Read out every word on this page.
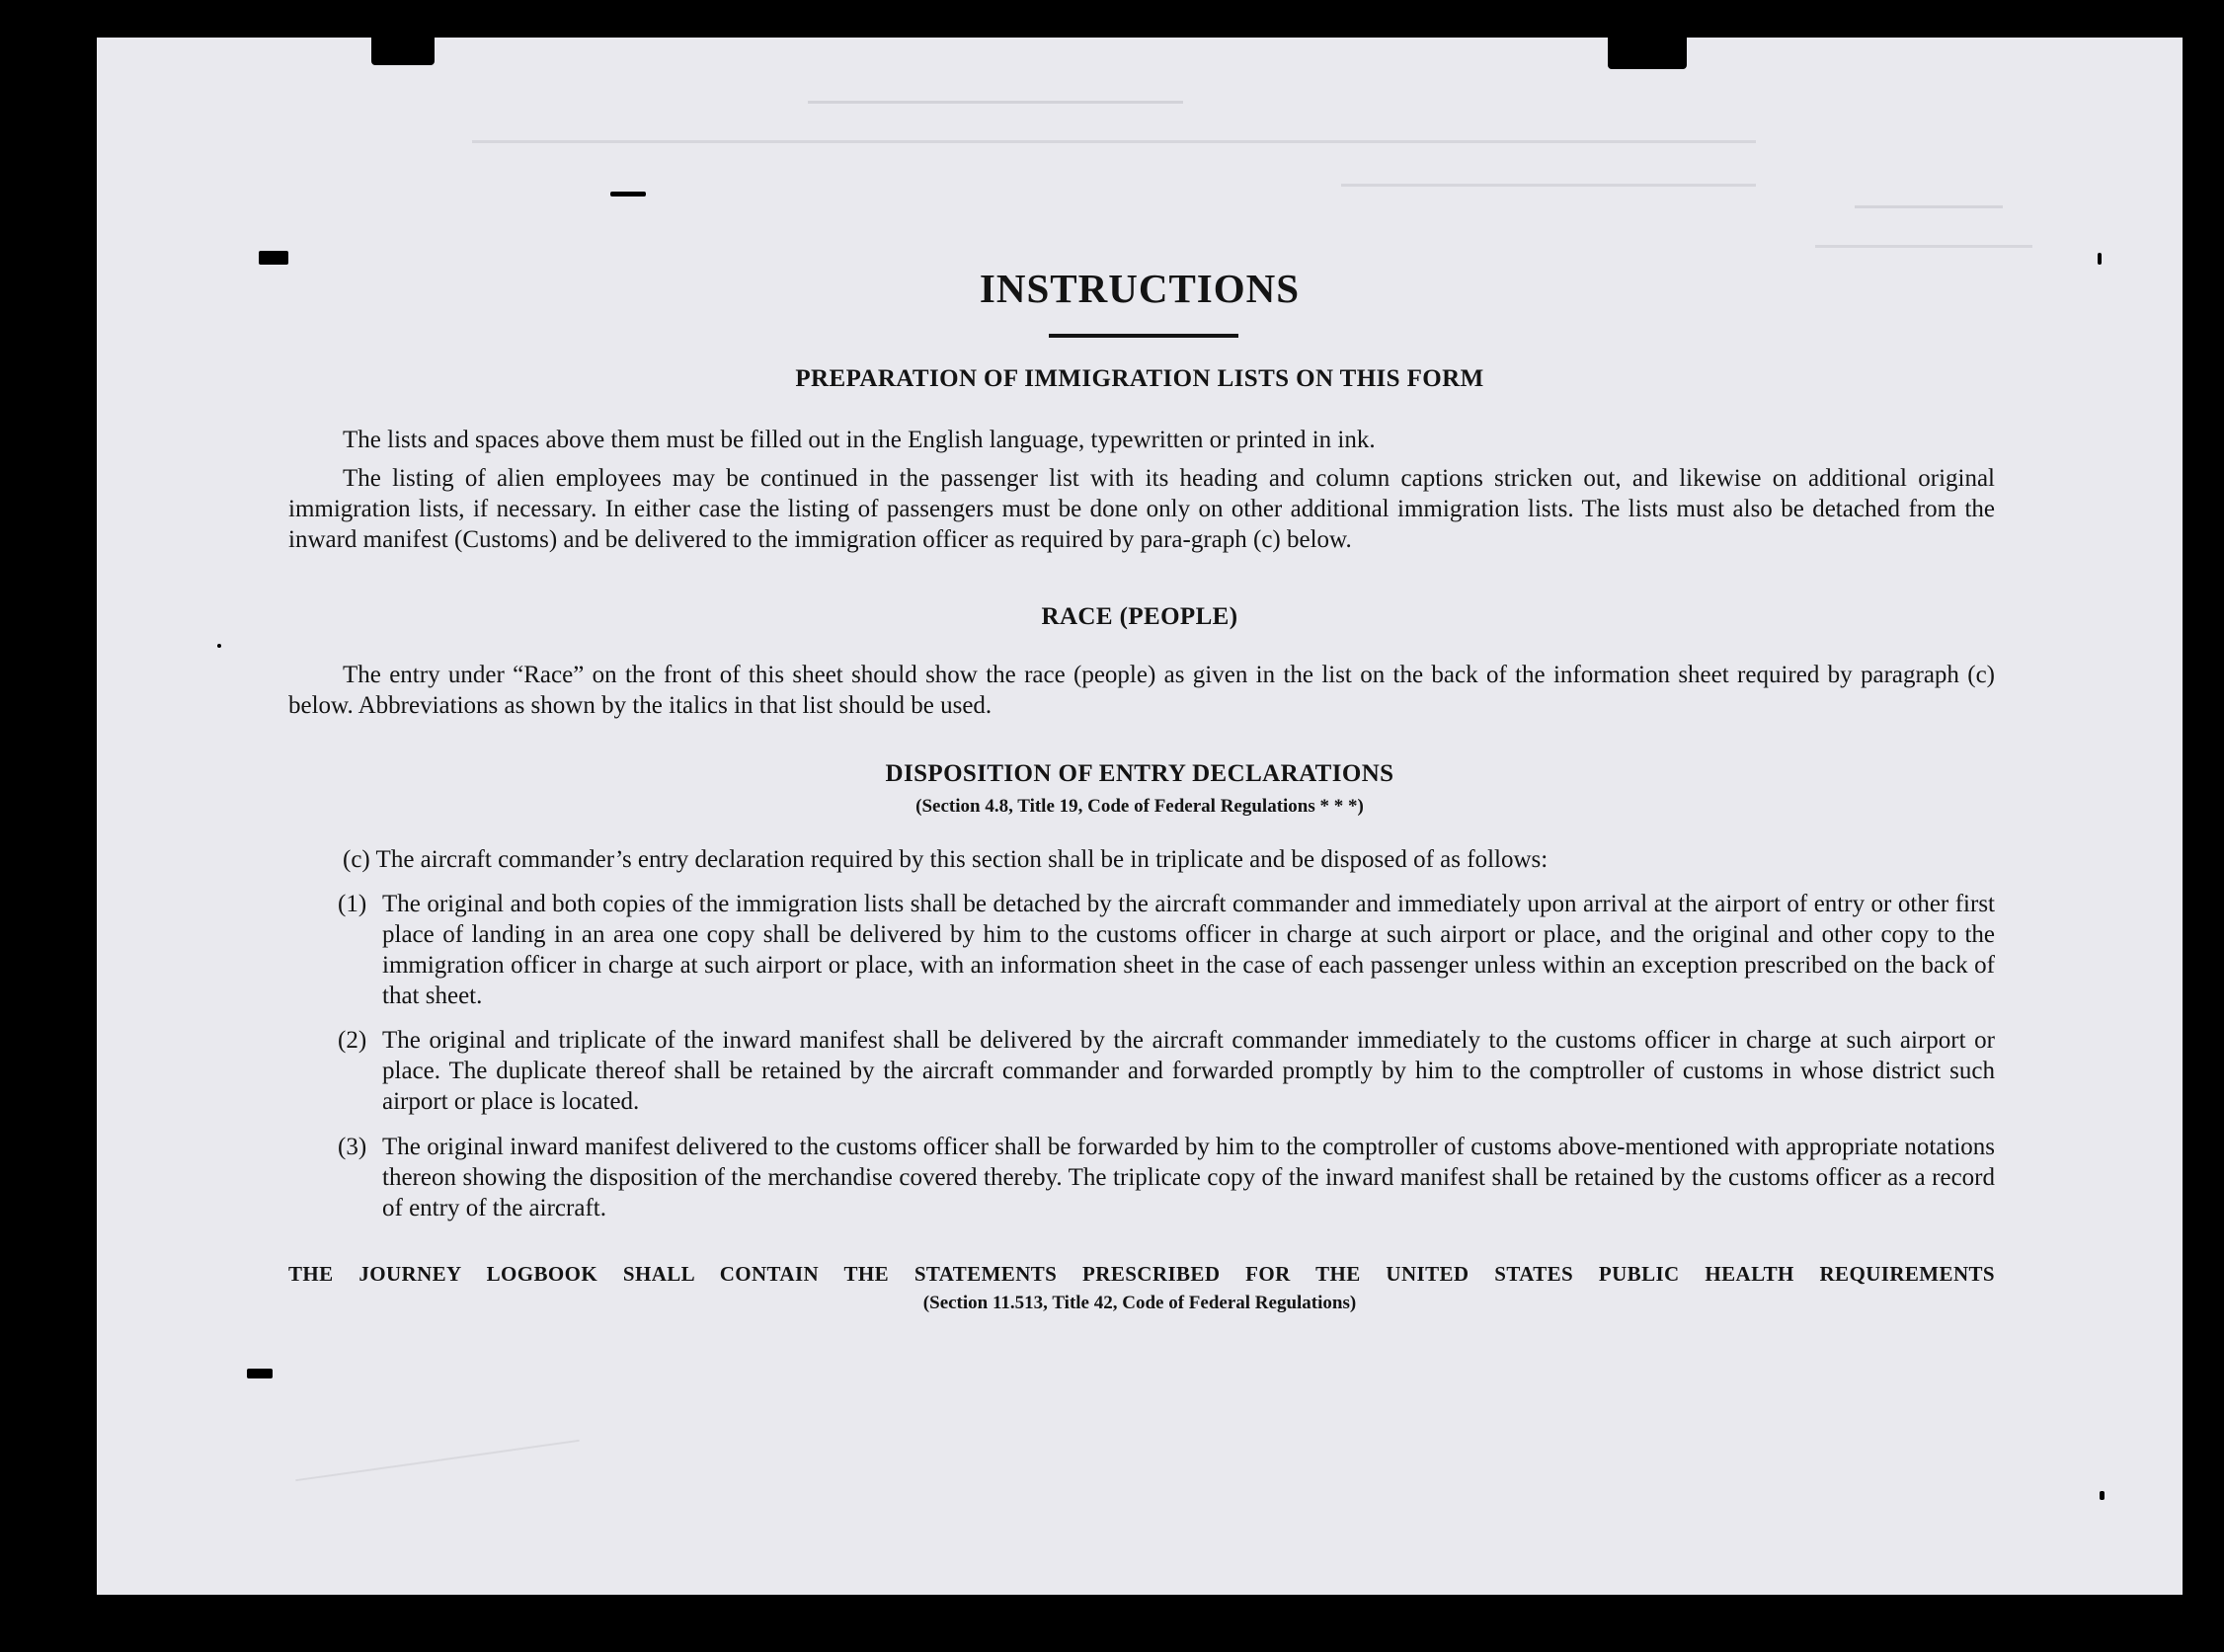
INSTRUCTIONS
PREPARATION OF IMMIGRATION LISTS ON THIS FORM
The lists and spaces above them must be filled out in the English language, typewritten or printed in ink.
The listing of alien employees may be continued in the passenger list with its heading and column captions stricken out, and likewise on additional original immigration lists, if necessary. In either case the listing of passengers must be done only on other additional immigration lists. The lists must also be detached from the inward manifest (Customs) and be delivered to the immigration officer as required by para-graph (c) below.
RACE (PEOPLE)
The entry under “Race” on the front of this sheet should show the race (people) as given in the list on the back of the information sheet required by paragraph (c) below. Abbreviations as shown by the italics in that list should be used.
DISPOSITION OF ENTRY DECLARATIONS
(Section 4.8, Title 19, Code of Federal Regulations * * *)
(c) The aircraft commander’s entry declaration required by this section shall be in triplicate and be disposed of as follows:
(1) The original and both copies of the immigration lists shall be detached by the aircraft commander and immediately upon arrival at the airport of entry or other first place of landing in an area one copy shall be delivered by him to the customs officer in charge at such airport or place, and the original and other copy to the immigration officer in charge at such airport or place, with an information sheet in the case of each passenger unless within an exception prescribed on the back of that sheet.
(2) The original and triplicate of the inward manifest shall be delivered by the aircraft commander immediately to the customs officer in charge at such airport or place. The duplicate thereof shall be retained by the aircraft commander and forwarded promptly by him to the comptroller of customs in whose district such airport or place is located.
(3) The original inward manifest delivered to the customs officer shall be forwarded by him to the comptroller of customs above-mentioned with appropriate notations thereon showing the disposition of the merchandise covered thereby. The triplicate copy of the inward manifest shall be retained by the customs officer as a record of entry of the aircraft.
THE JOURNEY LOGBOOK SHALL CONTAIN THE STATEMENTS PRESCRIBED FOR THE UNITED STATES PUBLIC HEALTH REQUIREMENTS
(Section 11.513, Title 42, Code of Federal Regulations)
